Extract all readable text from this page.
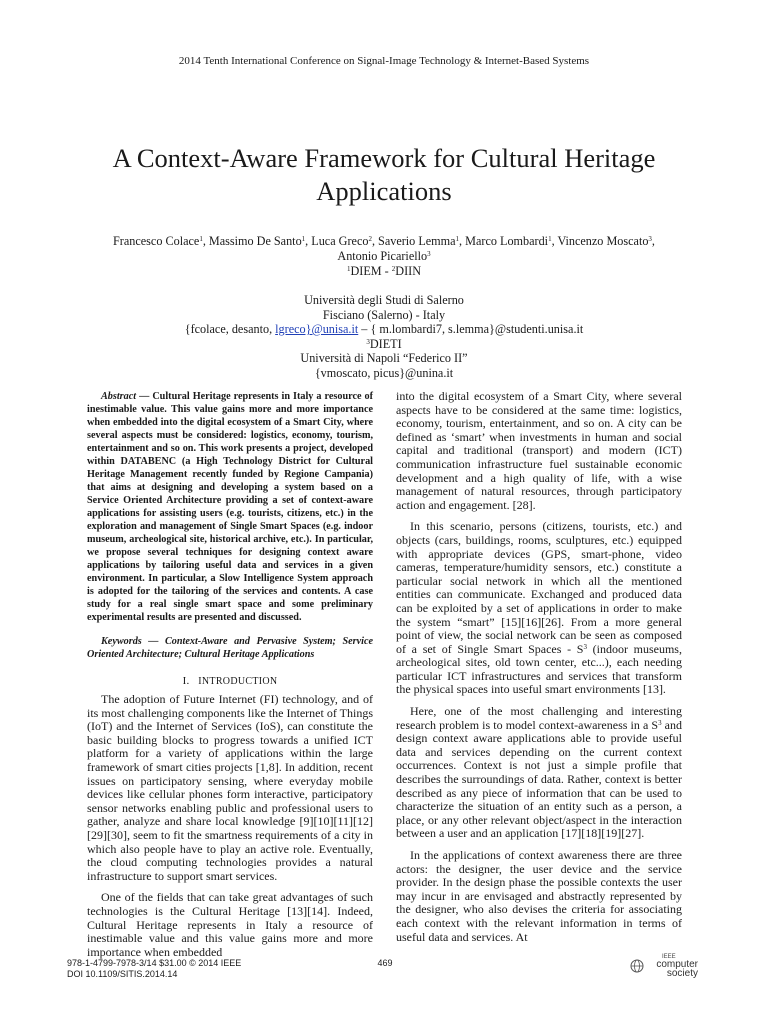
2014 Tenth International Conference on Signal-Image Technology & Internet-Based Systems
A Context-Aware Framework for Cultural Heritage Applications
Francesco Colace$^1$, Massimo De Santo$^1$, Luca Greco$^2$, Saverio Lemma$^1$, Marco Lombardi$^1$, Vincenzo Moscato$^3$,
Antonio Picariello$^3$
$^1$DIEM - $^2$DIIN
Università degli Studi di Salerno
Fisciano (Salerno) - Italy
{fcolace, desanto, lgreco}@unisa.it – { m.lombardi7, s.lemma}@studenti.unisa.it
$^3$DIETI
Università di Napoli “Federico II”
{vmoscato, picus}@unina.it

Abstract — Cultural Heritage represents in Italy a resource of inestimable value. This value gains more and more importance when embedded into the digital ecosystem of a Smart City, where several aspects must be considered: logistics, economy, tourism, entertainment and so on. This work presents a project, developed within DATABENC (a High Technology District for Cultural Heritage Management recently funded by Regione Campania) that aims at designing and developing a system based on a Service Oriented Architecture providing a set of context-aware applications for assisting users (e.g. tourists, citizens, etc.) in the exploration and management of Single Smart Spaces (e.g. indoor museum, archeological site, historical archive, etc.). In particular, we propose several techniques for designing context aware applications by tailoring useful data and services in a given environment. In particular, a Slow Intelligence System approach is adopted for the tailoring of the services and contents. A case study for a real single smart space and some preliminary experimental results are presented and discussed.

Keywords — Context-Aware and Pervasive System; Service Oriented Architecture; Cultural Heritage Applications

I. INTRODUCTION

The adoption of Future Internet (FI) technology, and of its most challenging components like the Internet of Things (IoT) and the Internet of Services (IoS), can constitute the basic building blocks to progress towards a unified ICT platform for a variety of applications within the large framework of smart cities projects [1,8]. In addition, recent issues on participatory sensing, where everyday mobile devices like cellular phones form interactive, participatory sensor networks enabling public and professional users to gather, analyze and share local knowledge [9][10][11][12][29][30], seem to fit the smartness requirements of a city in which also people have to play an active role. Eventually, the cloud computing technologies provides a natural infrastructure to support smart services.

One of the fields that can take great advantages of such technologies is the Cultural Heritage [13][14]. Indeed, Cultural Heritage represents in Italy a resource of inestimable value and this value gains more and more importance when embedded

into the digital ecosystem of a Smart City, where several aspects have to be considered at the same time: logistics, economy, tourism, entertainment, and so on. A city can be defined as ‘smart’ when investments in human and social capital and traditional (transport) and modern (ICT) communication infrastructure fuel sustainable economic development and a high quality of life, with a wise management of natural resources, through participatory action and engagement. [28].

In this scenario, persons (citizens, tourists, etc.) and objects (cars, buildings, rooms, sculptures, etc.) equipped with appropriate devices (GPS, smart-phone, video cameras, temperature/humidity sensors, etc.) constitute a particular social network in which all the mentioned entities can communicate. Exchanged and produced data can be exploited by a set of applications in order to make the system “smart” [15][16][26]. From a more general point of view, the social network can be seen as composed of a set of Single Smart Spaces - $S^3$ (indoor museums, archeological sites, old town center, etc...), each needing particular ICT infrastructures and services that transform the physical spaces into useful smart environments [13].

Here, one of the most challenging and interesting research problem is to model context-awareness in a $S^3$ and design context aware applications able to provide useful data and services depending on the current context occurrences. Context is not just a simple profile that describes the surroundings of data. Rather, context is better described as any piece of information that can be used to characterize the situation of an entity such as a person, a place, or any other relevant object/aspect in the interaction between a user and an application [17][18][19][27].

In the applications of context awareness there are three actors: the designer, the user device and the service provider. In the design phase the possible contexts the user may incur in are envisaged and abstractly represented by the designer, who also devises the criteria for associating each context with the relevant information in terms of useful data and services. At

978-1-4799-7978-3/14 $31.00 © 2014 IEEE
DOI 10.1109/SITIS.2014.14
469
IEEE
computer
society
